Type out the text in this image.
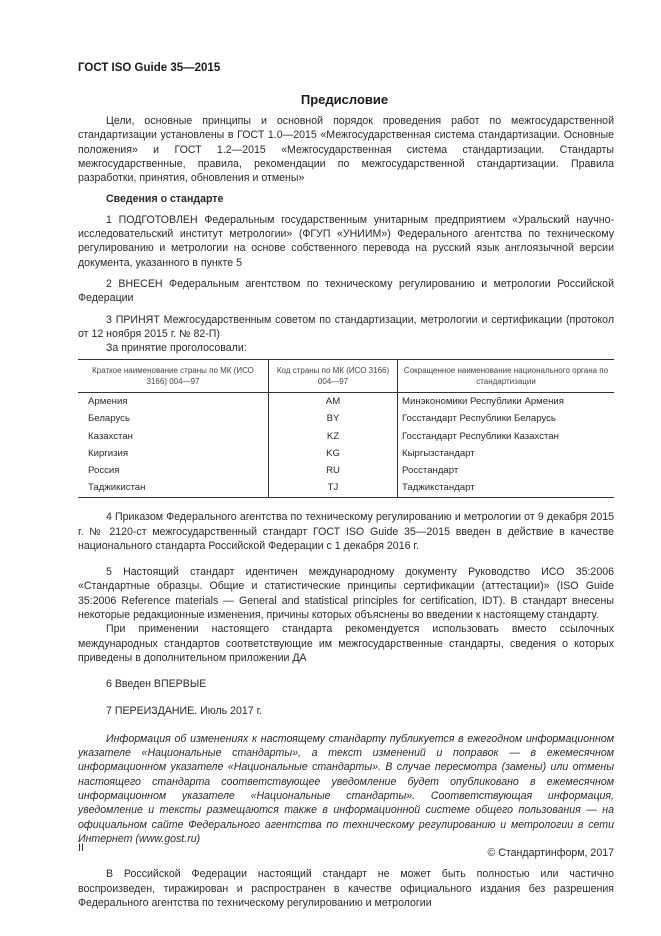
ГОСТ ISO Guide 35—2015
Предисловие

Цели, основные принципы и основной порядок проведения работ по межгосударственной стандартизации установлены в ГОСТ 1.0—2015 «Межгосударственная система стандартизации. Основные положения» и ГОСТ 1.2—2015 «Межгосударственная система стандартизации. Стандарты межгосударственные, правила, рекомендации по межгосударственной стандартизации. Правила разработки, принятия, обновления и отмены»

Сведения о стандарте

1 ПОДГОТОВЛЕН Федеральным государственным унитарным предприятием «Уральский научно-исследовательский институт метрологии» (ФГУП «УНИИМ») Федерального агентства по техническому регулированию и метрологии на основе собственного перевода на русский язык англоязычной версии документа, указанного в пункте 5

2 ВНЕСЕН Федеральным агентством по техническому регулированию и метрологии Российской Федерации

3 ПРИНЯТ Межгосударственным советом по стандартизации, метрологии и сертификации (протокол от 12 ноября 2015 г. № 82-П)

За принятие проголосовали:

Краткое наименование страны по МК (ИСО 3166) 004—97	Код страны по МК (ИСО 3166) 004—97	Сокращенное наименование национального органа по стандартизации
Армения	AM	Минэкономики Республики Армения
Беларусь	BY	Госстандарт Республики Беларусь
Казахстан	KZ	Госстандарт Республики Казахстан
Киргизия	KG	Кыргызстандарт
Россия	RU	Росстандарт
Таджикистан	TJ	Таджикстандарт

4 Приказом Федерального агентства по техническому регулированию и метрологии от 9 декабря 2015 г. № 2120-ст межгосударственный стандарт ГОСТ ISO Guide 35—2015 введен в действие в качестве национального стандарта Российской Федерации с 1 декабря 2016 г.

5 Настоящий стандарт идентичен международному документу Руководство ИСО 35:2006 «Стандартные образцы. Общие и статистические принципы сертификации (аттестации)» (ISO Guide 35:2006 Reference materials — General and statistical principles for certification, IDT). В стандарт внесены некоторые редакционные изменения, причины которых объяснены во введении к настоящему стандарту.

При применении настоящего стандарта рекомендуется использовать вместо ссылочных международных стандартов соответствующие им межгосударственные стандарты, сведения о которых приведены в дополнительном приложении ДА

6 Введен ВПЕРВЫЕ

7 ПЕРЕИЗДАНИЕ. Июль 2017 г.

Информация об изменениях к настоящему стандарту публикуется в ежегодном информационном указателе «Национальные стандарты», а текст изменений и поправок — в ежемесячном информационном указателе «Национальные стандарты». В случае пересмотра (замены) или отмены настоящего стандарта соответствующее уведомление будет опубликовано в ежемесячном информационном указателе «Национальные стандарты». Соответствующая информация, уведомление и тексты размещаются также в информационной системе общего пользования — на официальном сайте Федерального агентства по техническому регулированию и метрологии в сети Интернет (www.gost.ru)

© Стандартинформ, 2017

В Российской Федерации настоящий стандарт не может быть полностью или частично воспроизведен, тиражирован и распространен в качестве официального издания без разрешения Федерального агентства по техническому регулированию и метрологии

II
